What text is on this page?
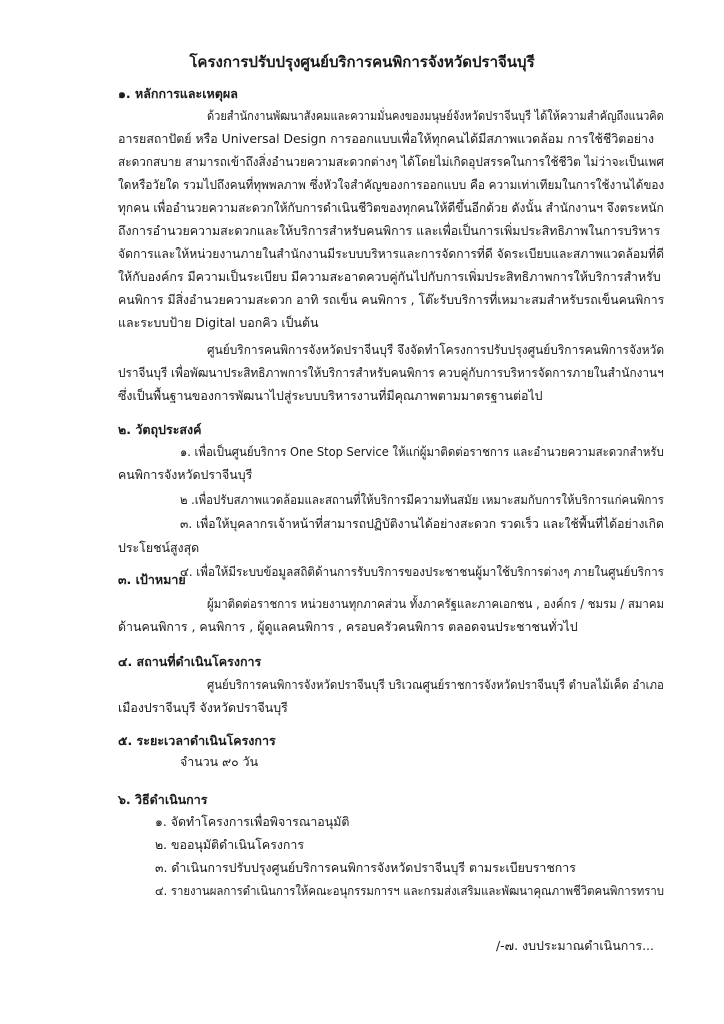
โครงการปรับปรุงศูนย์บริการคนพิการจังหวัดปราจีนบุรี
๑. หลักการและเหตุผล
ด้วยสำนักงานพัฒนาสังคมและความมั่นคงของมนุษย์จังหวัดปราจีนบุรี ได้ให้ความสำคัญถึงแนวคิด
อารยสถาปัตย์ หรือ Universal Design การออกแบบเพื่อให้ทุกคนได้มีสภาพแวดล้อม การใช้ชีวิตอย่าง
สะดวกสบาย สามารถเข้าถึงสิ่งอำนวยความสะดวกต่างๆ ได้โดยไม่เกิดอุปสรรคในการใช้ชีวิต ไม่ว่าจะเป็นเพศ
ใดหรือวัยใด รวมไปถึงคนที่ทุพพลภาพ ซึ่งหัวใจสำคัญของการออกแบบ คือ ความเท่าเทียมในการใช้งานได้ของ
ทุกคน เพื่ออำนวยความสะดวกให้กับการดำเนินชีวิตของทุกคนให้ดีขึ้นอีกด้วย ดังนั้น สำนักงานฯ จึงตระหนัก
ถึงการอำนวยความสะดวกและให้บริการสำหรับคนพิการ และเพื่อเป็นการเพิ่มประสิทธิภาพในการบริหาร
จัดการและให้หน่วยงานภายในสำนักงานมีระบบบริหารและการจัดการที่ดี จัดระเบียบและสภาพแวดล้อมที่ดี
ให้กับองค์กร มีความเป็นระเบียบ มีความสะอาดควบคู่กันไปกับการเพิ่มประสิทธิภาพการให้บริการสำหรับ
คนพิการ มีสิ่งอำนวยความสะดวก อาทิ รถเข็น คนพิการ , โต๊ะรับบริการที่เหมาะสมสำหรับรถเข็นคนพิการ
และระบบป้าย Digital บอกคิว เป็นต้น
ศูนย์บริการคนพิการจังหวัดปราจีนบุรี จึงจัดทำโครงการปรับปรุงศูนย์บริการคนพิการจังหวัด
ปราจีนบุรี เพื่อพัฒนาประสิทธิภาพการให้บริการสำหรับคนพิการ ควบคู่กับการบริหารจัดการภายในสำนักงานฯ
ซึ่งเป็นพื้นฐานของการพัฒนาไปสู่ระบบบริหารงานที่มีคุณภาพตามมาตรฐานต่อไป
๒. วัตถุประสงค์
๑. เพื่อเป็นศูนย์บริการ One Stop Service ให้แก่ผู้มาติดต่อราชการ และอำนวยความสะดวกสำหรับ
คนพิการจังหวัดปราจีนบุรี
๒ .เพื่อปรับสภาพแวดล้อมและสถานที่ให้บริการมีความทันสมัย เหมาะสมกับการให้บริการแก่คนพิการ
๓. เพื่อให้บุคลากรเจ้าหน้าที่สามารถปฏิบัติงานได้อย่างสะดวก รวดเร็ว และใช้พื้นที่ได้อย่างเกิด
ประโยชน์สูงสุด
๔. เพื่อให้มีระบบข้อมูลสถิติด้านการรับบริการของประชาชนผู้มาใช้บริการต่างๆ ภายในศูนย์บริการ
๓. เป้าหมาย
ผู้มาติดต่อราชการ หน่วยงานทุกภาคส่วน ทั้งภาครัฐและภาคเอกชน , องค์กร / ชมรม / สมาคม
ด้านคนพิการ , คนพิการ , ผู้ดูแลคนพิการ , ครอบครัวคนพิการ ตลอดจนประชาชนทั่วไป
๔. สถานที่ดำเนินโครงการ
ศูนย์บริการคนพิการจังหวัดปราจีนบุรี บริเวณศูนย์ราชการจังหวัดปราจีนบุรี ตำบลไม้เค็ด อำเภอ
เมืองปราจีนบุรี จังหวัดปราจีนบุรี
๕. ระยะเวลาดำเนินโครงการ
จำนวน ๙๐ วัน
๖. วิธีดำเนินการ
๑. จัดทำโครงการเพื่อพิจารณาอนุมัติ
๒. ขออนุมัติดำเนินโครงการ
๓. ดำเนินการปรับปรุงศูนย์บริการคนพิการจังหวัดปราจีนบุรี ตามระเบียบราชการ
๔. รายงานผลการดำเนินการให้คณะอนุกรรมการฯ และกรมส่งเสริมและพัฒนาคุณภาพชีวิตคนพิการทราบ
/-๗. งบประมาณดำเนินการ...
